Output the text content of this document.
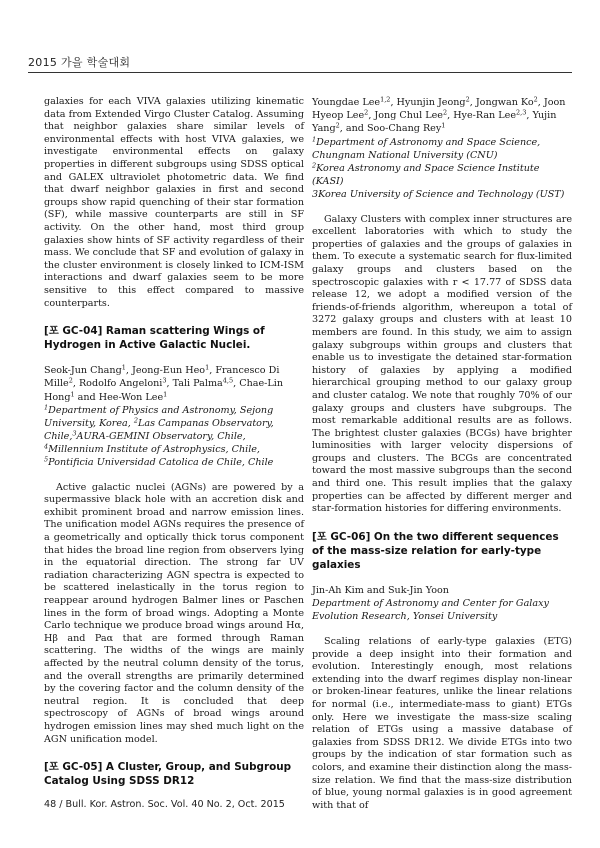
2015 가을 학술대회

galaxies for each VIVA galaxies utilizing kinematic data from Extended Virgo Cluster Catalog. Assuming that neighbor galaxies share similar levels of environmental effects with host VIVA galaxies, we investigate environmental effects on galaxy properties in different subgroups using SDSS optical and GALEX ultraviolet photometric data. We find that dwarf neighbor galaxies in first and second groups show rapid quenching of their star formation (SF), while massive counterparts are still in SF activity. On the other hand, most third group galaxies show hints of SF activity regardless of their mass. We conclude that SF and evolution of galaxy in the cluster environment is closely linked to ICM-ISM interactions and dwarf galaxies seem to be more sensitive to this effect compared to massive counterparts.

[포 GC-04] Raman scattering Wings of Hydrogen in Active Galactic Nuclei.

Seok-Jun Chang$^1$, Jeong-Eun Heo$^1$, Francesco Di Mille$^2$, Rodolfo Angeloni$^3$, Tali Palma$^{4,5}$, Chae-Lin Hong$^1$ and Hee-Won Lee$^1$

$^1$Department of Physics and Astronomy, Sejong University, Korea, $^2$Las Campanas Observatory, Chile,$^3$AURA-GEMINI Observatory, Chile,
$^4$Millennium Institute of Astrophysics, Chile,
$^5$Pontificia Universidad Catolica de Chile, Chile

Active galactic nuclei (AGNs) are powered by a supermassive black hole with an accretion disk and exhibit prominent broad and narrow emission lines. The unification model AGNs requires the presence of a geometrically and optically thick torus component that hides the broad line region from observers lying in the equatorial direction. The strong far UV radiation characterizing AGN spectra is expected to be scattered inelastically in the torus region to reappear around hydrogen Balmer lines or Paschen lines in the form of broad wings. Adopting a Monte Carlo technique we produce broad wings around Hα, Hβ and Paα that are formed through Raman scattering. The widths of the wings are mainly affected by the neutral column density of the torus, and the overall strengths are primarily determined by the covering factor and the column density of the neutral region. It is concluded that deep spectroscopy of AGNs of broad wings around hydrogen emission lines may shed much light on the AGN unification model.

[포 GC-05] A Cluster, Group, and Subgroup Catalog Using SDSS DR12

Youngdae Lee$^{1,2}$, Hyunjin Jeong$^2$, Jongwan Ko$^2$, Joon Hyeop Lee$^2$, Jong Chul Lee$^2$, Hye-Ran Lee$^{2,3}$, Yujin Yang$^2$, and Soo-Chang Rey$^1$

$^1$Department of Astronomy and Space Science, Chungnam National University (CNU)
$^2$Korea Astronomy and Space Science Institute (KASI)
3Korea University of Science and Technology (UST)

Galaxy Clusters with complex inner structures are excellent laboratories with which to study the properties of galaxies and the groups of galaxies in them. To execute a systematic search for flux-limited galaxy groups and clusters based on the spectroscopic galaxies with r < 17.77 of SDSS data release 12, we adopt a modified version of the friends-of-friends algorithm, whereupon a total of 3272 galaxy groups and clusters with at least 10 members are found. In this study, we aim to assign galaxy subgroups within groups and clusters that enable us to investigate the detained star-formation history of galaxies by applying a modified hierarchical grouping method to our galaxy group and cluster catalog. We note that roughly 70% of our galaxy groups and clusters have subgroups. The most remarkable additional results are as follows. The brightest cluster galaxies (BCGs) have brighter luminosities with larger velocity dispersions of groups and clusters. The BCGs are concentrated toward the most massive subgroups than the second and third one. This result implies that the galaxy properties can be affected by different merger and star-formation histories for differing environments.

[포 GC-06] On the two different sequences of the mass-size relation for early-type galaxies

Jin-Ah Kim and Suk-Jin Yoon

Department of Astronomy and Center for Galaxy Evolution Research, Yonsei University

Scaling relations of early-type galaxies (ETG) provide a deep insight into their formation and evolution. Interestingly enough, most relations extending into the dwarf regimes display non-linear or broken-linear features, unlike the linear relations for normal (i.e., intermediate-mass to giant) ETGs only. Here we investigate the mass-size scaling relation of ETGs using a massive database of galaxies from SDSS DR12. We divide ETGs into two groups by the indication of star formation such as colors, and examine their distinction along the mass-size relation. We find that the mass-size distribution of blue, young normal galaxies is in good agreement with that of

48 / Bull. Kor. Astron. Soc. Vol. 40 No. 2, Oct. 2015
